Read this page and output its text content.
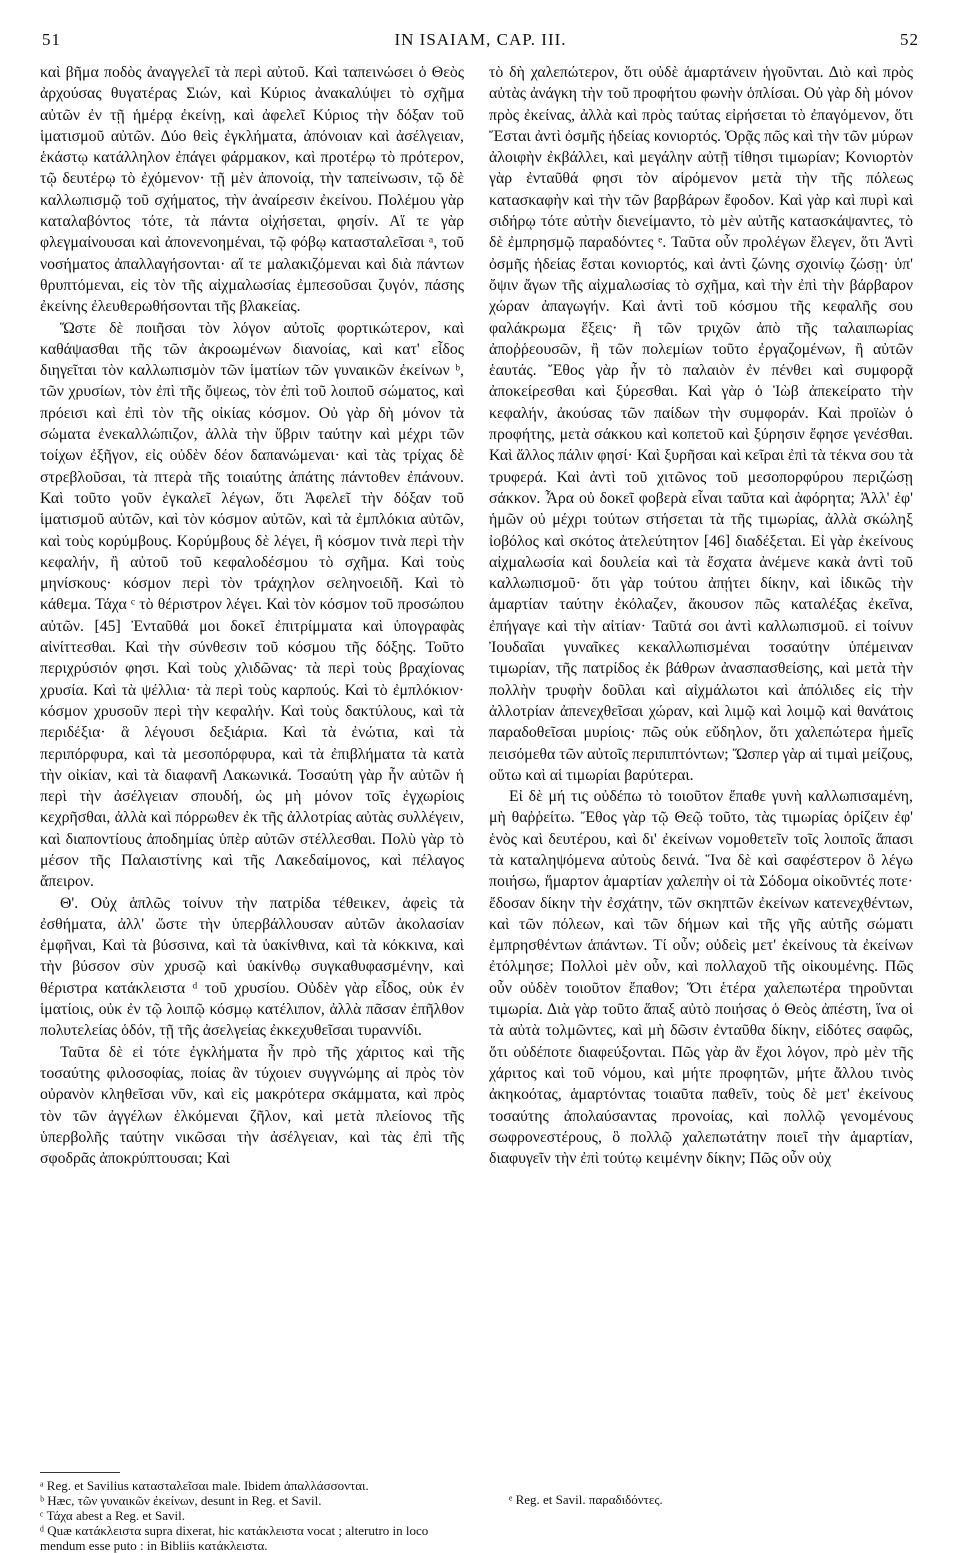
51	IN ISAIAM, CAP. III.	52

καὶ βῆμα ποδὸς ἀναγγελεῖ τὰ περὶ αὐτοῦ. Καὶ ταπεινώσει ὁ Θεὸς ἀρχούσας θυγατέρας Σιών, καὶ Κύριος ἀνακαλύψει τὸ σχῆμα αὐτῶν ἐν τῇ ἡμέρᾳ ἐκείνῃ, καὶ ἀφελεῖ Κύριος τὴν δόξαν τοῦ ἱματισμοῦ αὐτῶν. Δύο θεὶς ἐγκλήματα, ἀπόνοιαν καὶ ἀσέλγειαν, ἑκάστῳ κατάλληλον ἐπάγει φάρμακον, καὶ προτέρῳ τὸ πρότερον, τῷ δευτέρῳ τὸ ἐχόμενον· τῇ μὲν ἀπονοίᾳ, τὴν ταπείνωσιν, τῷ δὲ καλλωπισμῷ τοῦ σχήματος, τὴν ἀναίρεσιν ἐκείνου. Πολέμου γὰρ καταλαβόντος τότε, τὰ πάντα οἰχήσεται, φησίν. Αἵ τε γὰρ φλεγμαίνουσαι καὶ ἀπονενοημέναι, τῷ φόβῳ κατασταλεῖσαι ᵃ, τοῦ νοσήματος ἀπαλλαγήσονται· αἵ τε μαλακιζόμεναι καὶ διὰ πάντων θρυπτόμεναι, εἰς τὸν τῆς αἰχμαλωσίας ἐμπεσοῦσαι ζυγόν, πάσης ἐκείνης ἐλευθερωθήσονται τῆς βλακείας.

Ὥστε δὲ ποιῆσαι τὸν λόγον αὐτοῖς φορτικώτερον, καὶ καθάψασθαι τῆς τῶν ἀκροωμένων διανοίας, καὶ κατ' εἶδος διηγεῖται τὸν καλλωπισμὸν τῶν ἱματίων τῶν γυναικῶν ἐκείνων ᵇ, τῶν χρυσίων, τὸν ἐπὶ τῆς ὄψεως, τὸν ἐπὶ τοῦ λοιποῦ σώματος, καὶ πρόεισι καὶ ἐπὶ τὸν τῆς οἰκίας κόσμον. Οὐ γὰρ δὴ μόνον τὰ σώματα ἐνεκαλλώπιζον, ἀλλὰ τὴν ὕβριν ταύτην καὶ μέχρι τῶν τοίχων ἐξῆγον, εἰς οὐδὲν δέον δαπανώμεναι· καὶ τὰς τρίχας δὲ στρεβλοῦσαι, τὰ πτερὰ τῆς τοιαύτης ἀπάτης πάντοθεν ἐπάνουν. Καὶ τοῦτο γοῦν ἐγκαλεῖ λέγων, ὅτι Ἀφελεῖ τὴν δόξαν τοῦ ἱματισμοῦ αὐτῶν, καὶ τὸν κόσμον αὐτῶν, καὶ τὰ ἐμπλόκια αὐτῶν, καὶ τοὺς κορύμβους. Κορύμβους δὲ λέγει, ἢ κόσμον τινὰ περὶ τὴν κεφαλήν, ἢ αὐτοῦ τοῦ κεφαλοδέσμου τὸ σχῆμα. Καὶ τοὺς μηνίσκους· κόσμον περὶ τὸν τράχηλον σεληνοειδῆ. Καὶ τὸ κάθεμα. Τάχα ᶜ τὸ θέριστρον λέγει. Καὶ τὸν κόσμον τοῦ προσώπου αὐτῶν. [45] Ἐνταῦθά μοι δοκεῖ ἐπιτρίμματα καὶ ὑπογραφὰς αἰνίττεσθαι. Καὶ τὴν σύνθεσιν τοῦ κόσμου τῆς δόξης. Τοῦτο περιχρύσιόν φησι. Καὶ τοὺς χλιδῶνας· τὰ περὶ τοὺς βραχίονας χρυσία. Καὶ τὰ ψέλλια· τὰ περὶ τοὺς καρπούς. Καὶ τὸ ἐμπλόκιον· κόσμον χρυσοῦν περὶ τὴν κεφαλήν. Καὶ τοὺς δακτύλους, καὶ τὰ περιδέξια· ἃ λέγουσι δεξιάρια. Καὶ τὰ ἐνώτια, καὶ τὰ περιπόρφυρα, καὶ τὰ μεσοπόρφυρα, καὶ τὰ ἐπιβλήματα τὰ κατὰ τὴν οἰκίαν, καὶ τὰ διαφανῆ Λακωνικά. Τοσαύτη γὰρ ἦν αὐτῶν ἡ περὶ τὴν ἀσέλγειαν σπουδή, ὡς μὴ μόνον τοῖς ἐγχωρίοις κεχρῆσθαι, ἀλλὰ καὶ πόρρωθεν ἐκ τῆς ἀλλοτρίας αὐτὰς συλλέγειν, καὶ διαποντίους ἀποδημίας ὑπὲρ αὐτῶν στέλλεσθαι. Πολὺ γὰρ τὸ μέσον τῆς Παλαιστίνης καὶ τῆς Λακεδαίμονος, καὶ πέλαγος ἄπειρον.

Θ'. Οὐχ ἁπλῶς τοίνυν τὴν πατρίδα τέθεικεν, ἀφεὶς τὰ ἐσθήματα, ἀλλ' ὥστε τὴν ὑπερβάλλουσαν αὐτῶν ἀκολασίαν ἐμφῆναι, Καὶ τὰ βύσσινα, καὶ τὰ ὑακίνθινα, καὶ τὰ κόκκινα, καὶ τὴν βύσσον σὺν χρυσῷ καὶ ὑακίνθῳ συγκαθυφασμένην, καὶ θέριστρα κατάκλειστα ᵈ τοῦ χρυσίου. Οὐδὲν γὰρ εἶδος, οὐκ ἐν ἱματίοις, οὐκ ἐν τῷ λοιπῷ κόσμῳ κατέλιπον, ἀλλὰ πᾶσαν ἐπῆλθον πολυτελείας ὁδόν, τῇ τῆς ἀσελγείας ἐκκεχυθεῖσαι τυραννίδι.

Ταῦτα δὲ εἰ τότε ἐγκλήματα ἦν πρὸ τῆς χάριτος καὶ τῆς τοσαύτης φιλοσοφίας, ποίας ἂν τύχοιεν συγγνώμης αἱ πρὸς τὸν οὐρανὸν κληθεῖσαι νῦν, καὶ εἰς μακρότερα σκάμματα, καὶ πρὸς τὸν τῶν ἀγγέλων ἑλκόμεναι ζῆλον, καὶ μετὰ πλείονος τῆς ὑπερβολῆς ταύτην νικῶσαι τὴν ἀσέλγειαν, καὶ τὰς ἐπὶ τῆς σφοδρᾶς ἀποκρύπτουσαι; Καὶ

τὸ δὴ χαλεπώτερον, ὅτι οὐδὲ ἁμαρτάνειν ἡγοῦνται. Διὸ καὶ πρὸς αὐτὰς ἀνάγκη τὴν τοῦ προφήτου φωνὴν ὁπλίσαι. Οὐ γὰρ δὴ μόνον πρὸς ἐκείνας, ἀλλὰ καὶ πρὸς ταύτας εἰρήσεται τὸ ἐπαγόμενον, ὅτι Ἔσται ἀντὶ ὀσμῆς ἡδείας κονιορτός. Ὁρᾷς πῶς καὶ τὴν τῶν μύρων ἀλοιφὴν ἐκβάλλει, καὶ μεγάλην αὐτῇ τίθησι τιμωρίαν; Κονιορτὸν γὰρ ἐνταῦθά φησι τὸν αἱρόμενον μετὰ τὴν τῆς πόλεως κατασκαφὴν καὶ τὴν τῶν βαρβάρων ἔφοδον. Καὶ γὰρ καὶ πυρὶ καὶ σιδήρῳ τότε αὐτὴν διενείμαντο, τὸ μὲν αὐτῆς κατασκάψαντες, τὸ δὲ ἐμπρησμῷ παραδόντες ᵉ. Ταῦτα οὖν προλέγων ἔλεγεν, ὅτι Ἀντὶ ὀσμῆς ἡδείας ἔσται κονιορτός, καὶ ἀντὶ ζώνης σχοινίῳ ζώσῃ· ὑπ' ὄψιν ἄγων τῆς αἰχμαλωσίας τὸ σχῆμα, καὶ τὴν ἐπὶ τὴν βάρβαρον χώραν ἀπαγωγήν. Καὶ ἀντὶ τοῦ κόσμου τῆς κεφαλῆς σου φαλάκρωμα ἕξεις· ἢ τῶν τριχῶν ἀπὸ τῆς ταλαιπωρίας ἀποῤῥεουσῶν, ἢ τῶν πολεμίων τοῦτο ἐργαζομένων, ἢ αὐτῶν ἑαυτάς. Ἔθος γὰρ ἦν τὸ παλαιὸν ἐν πένθει καὶ συμφορᾷ ἀποκείρεσθαι καὶ ξύρεσθαι. Καὶ γὰρ ὁ Ἰὼβ ἀπεκείρατο τὴν κεφαλήν, ἀκούσας τῶν παίδων τὴν συμφοράν. Καὶ προϊὼν ὁ προφήτης, μετὰ σάκκου καὶ κοπετοῦ καὶ ξύρησιν ἔφησε γενέσθαι. Καὶ ἄλλος πάλιν φησί· Καὶ ξυρῆσαι καὶ κεῖραι ἐπὶ τὰ τέκνα σου τὰ τρυφερά. Καὶ ἀντὶ τοῦ χιτῶνος τοῦ μεσοπορφύρου περιζώσῃ σάκκον. Ἆρα οὐ δοκεῖ φοβερὰ εἶναι ταῦτα καὶ ἀφόρητα; Ἀλλ' ἐφ' ἡμῶν οὐ μέχρι τούτων στήσεται τὰ τῆς τιμωρίας, ἀλλὰ σκώληξ ἰοβόλος καὶ σκότος ἀτελεύτητον [46] διαδέξεται. Εἰ γὰρ ἐκείνους αἰχμαλωσία καὶ δουλεία καὶ τὰ ἔσχατα ἀνέμενε κακὰ ἀντὶ τοῦ καλλωπισμοῦ· ὅτι γὰρ τούτου ἀπῄτει δίκην, καὶ ἰδικῶς τὴν ἁμαρτίαν ταύτην ἐκόλαζεν, ἄκουσον πῶς καταλέξας ἐκεῖνα, ἐπήγαγε καὶ τὴν αἰτίαν· Ταῦτά σοι ἀντὶ καλλωπισμοῦ. εἰ τοίνυν Ἰουδαῖαι γυναῖκες κεκαλλωπισμέναι τοσαύτην ὑπέμειναν τιμωρίαν, τῆς πατρίδος ἐκ βάθρων ἀνασπασθείσης, καὶ μετὰ τὴν πολλὴν τρυφὴν δοῦλαι καὶ αἰχμάλωτοι καὶ ἀπόλιδες εἰς τὴν ἀλλοτρίαν ἀπενεχθεῖσαι χώραν, καὶ λιμῷ καὶ λοιμῷ καὶ θανάτοις παραδοθεῖσαι μυρίοις· πῶς οὐκ εὔδηλον, ὅτι χαλεπώτερα ἡμεῖς πεισόμεθα τῶν αὐτοῖς περιπιπτόντων; Ὥσπερ γὰρ αἱ τιμαὶ μείζους, οὕτω καὶ αἱ τιμωρίαι βαρύτεραι.

Εἰ δὲ μή τις οὐδέπω τὸ τοιοῦτον ἔπαθε γυνὴ καλλωπισαμένη, μὴ θαῤῥείτω. Ἔθος γὰρ τῷ Θεῷ τοῦτο, τὰς τιμωρίας ὁρίζειν ἐφ' ἑνὸς καὶ δευτέρου, καὶ δι' ἐκείνων νομοθετεῖν τοῖς λοιποῖς ἅπασι τὰ καταληψόμενα αὐτοὺς δεινά. Ἵνα δὲ καὶ σαφέστερον ὃ λέγω ποιήσω, ἥμαρτον ἁμαρτίαν χαλεπὴν οἱ τὰ Σόδομα οἰκοῦντές ποτε· ἔδοσαν δίκην τὴν ἐσχάτην, τῶν σκηπτῶν ἐκείνων κατενεχθέντων, καὶ τῶν πόλεων, καὶ τῶν δήμων καὶ τῆς γῆς αὐτῆς σώματι ἐμπρησθέντων ἁπάντων. Τί οὖν; οὐδεὶς μετ' ἐκείνους τὰ ἐκείνων ἐτόλμησε; Πολλοὶ μὲν οὖν, καὶ πολλαχοῦ τῆς οἰκουμένης. Πῶς οὖν οὐδὲν τοιοῦτον ἔπαθον; Ὅτι ἑτέρα χαλεπωτέρα τηροῦνται τιμωρία. Διὰ γὰρ τοῦτο ἅπαξ αὐτὸ ποιήσας ὁ Θεὸς ἀπέστη, ἵνα οἱ τὰ αὐτὰ τολμῶντες, καὶ μὴ δῶσιν ἐνταῦθα δίκην, εἰδότες σαφῶς, ὅτι οὐδέποτε διαφεύξονται. Πῶς γὰρ ἂν ἔχοι λόγον, πρὸ μὲν τῆς χάριτος καὶ τοῦ νόμου, καὶ μήτε προφητῶν, μήτε ἄλλου τινὸς ἀκηκοότας, ἁμαρτόντας τοιαῦτα παθεῖν, τοὺς δὲ μετ' ἐκείνους τοσαύτης ἀπολαύσαντας προνοίας, καὶ πολλῷ γενομένους σωφρονεστέρους, ὃ πολλῷ χαλεπωτάτην ποιεῖ τὴν ἁμαρτίαν, διαφυγεῖν τὴν ἐπὶ τούτῳ κειμένην δίκην; Πῶς οὖν οὐχ

ᵃ Reg. et Savilius κατασταλεῖσαι male. Ibidem ἀπαλλάσσονται.
ᵇ Hæc, τῶν γυναικῶν ἐκείνων, desunt in Reg. et Savil.
ᶜ Τάχα abest a Reg. et Savil.
ᵈ Quæ κατάκλειστα supra dixerat, hic κατάκλειστα vocat ; alterutro in loco mendum esse puto : in Bibliis κατάκλειστα.
ᵉ Reg. et Savil. παραδιδόντες.
